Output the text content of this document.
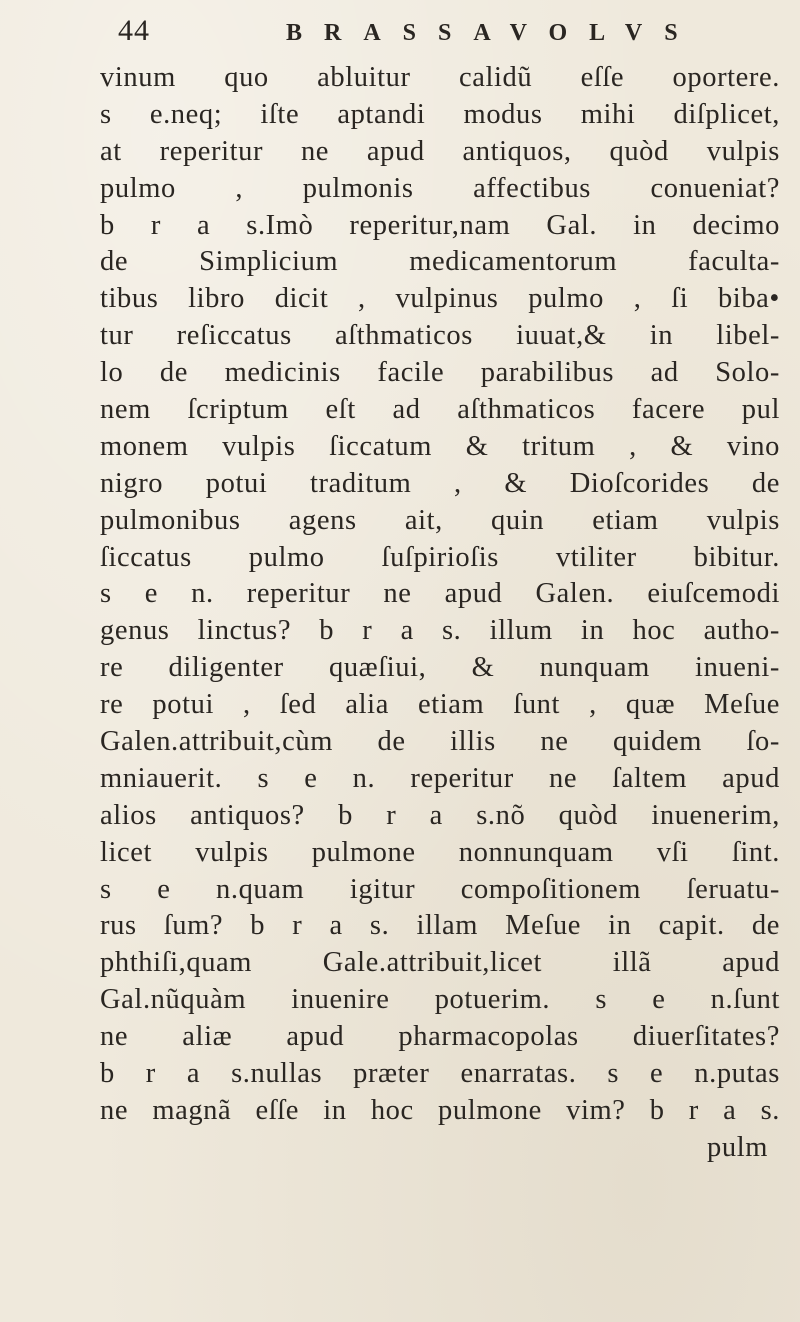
44	BRASSAVOLVS
vinum quo abluitur calidũ eſſe oportere.
s e.neq; iſte aptandi modus mihi diſplicet,
at reperitur ne apud antiquos, quòd vulpis
pulmo , pulmonis affectibus conueniat?
b r a s.Imò reperitur,nam Gal. in decimo
de Simplicium medicamentorum faculta-
tibus libro dicit , vulpinus pulmo , ſi biba•
tur reſiccatus aſthmaticos iuuat,& in libel-
lo de medicinis facile parabilibus ad Solo-
nem ſcriptum eſt ad aſthmaticos facere pul
monem vulpis ſiccatum & tritum , & vino
nigro potui traditum , & Dioſcorides de
pulmonibus agens ait, quin etiam vulpis
ſiccatus pulmo ſuſpirioſis vtiliter bibitur.
s e n. reperitur ne apud Galen. eiuſcemodi
genus linctus? b r a s. illum in hoc autho-
re diligenter quæſiui, & nunquam inueni-
re potui , ſed alia etiam ſunt , quæ Meſue
Galen.attribuit,cùm de illis ne quidem ſo-
mniauerit. s e n. reperitur ne ſaltem apud
alios antiquos? b r a s.nõ quòd inuenerim,
licet vulpis pulmone nonnunquam vſi ſint.
s e n.quam igitur compoſitionem ſeruatu-
rus ſum? b r a s. illam Meſue in capit. de
phthiſi,quam Gale.attribuit,licet illã apud
Gal.nũquàm inuenire potuerim. s e n.ſunt
ne aliæ apud pharmacopolas diuerſitates?
b r a s.nullas præter enarratas. s e n.putas
ne magnã eſſe in hoc pulmone vim? b r a s.
pulm
